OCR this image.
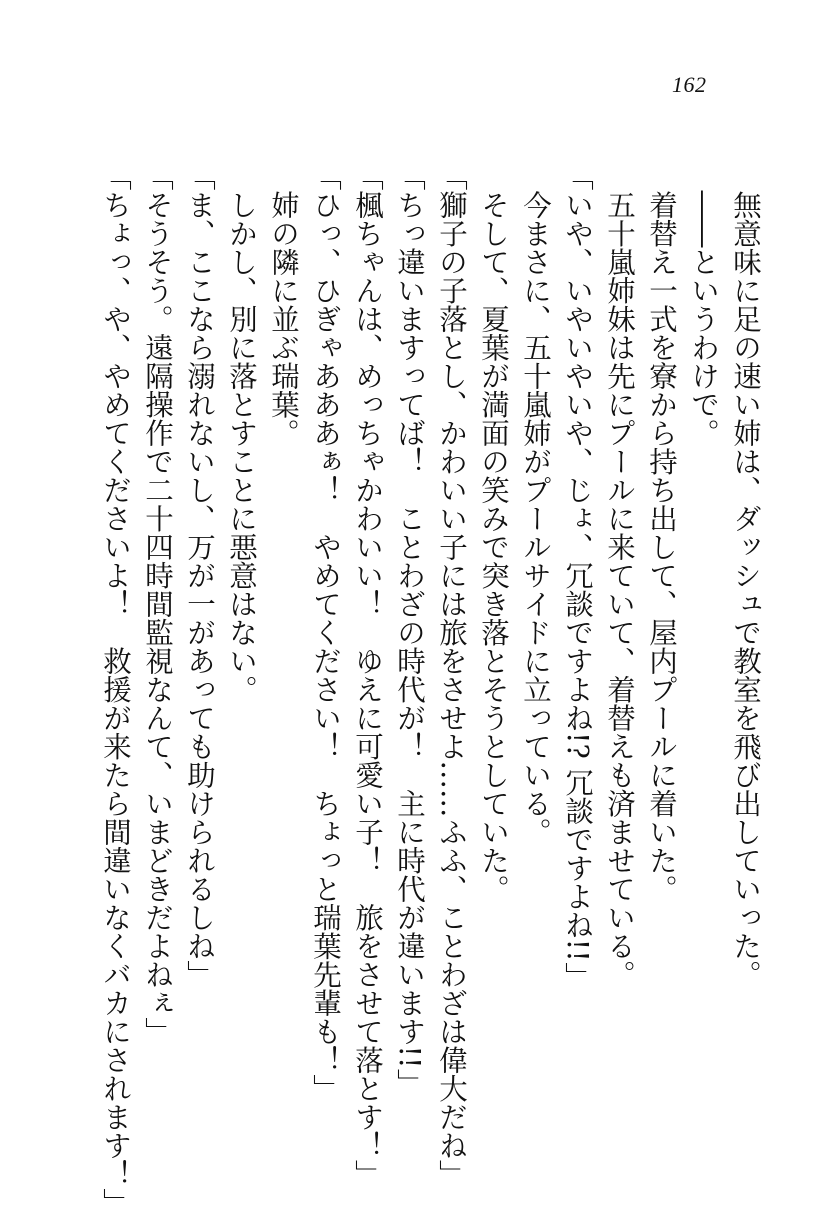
162
　無意味に足の速い姉は、ダッシュで教室を飛び出していった。
　――というわけで。
　着替え一式を寮から持ち出して、屋内プールに着いた。
　五十嵐姉妹は先にプールに来ていて、着替えも済ませている。
「いや、いやいやいや、じょ、冗談ですよね!? 冗談ですよね!!」
　今まさに、五十嵐姉がプールサイドに立っている。
　そして、夏葉が満面の笑みで突き落とそうとしていた。
「獅子の子落とし、かわいい子には旅をさせよ……ふふ、ことわざは偉大だね」
「ちっ違いますってば！　ことわざの時代が！　主に時代が違います!!」
「楓ちゃんは、めっちゃかわいい！　ゆえに可愛い子！　旅をさせて落とす！」
「ひっ、ひぎゃあああぁ！　やめてください！　ちょっと瑞葉先輩も！」
　姉の隣に並ぶ瑞葉。
　しかし、別に落とすことに悪意はない。
「ま、ここなら溺れないし、万が一があっても助けられるしね」
「そうそう。遠隔操作で二十四時間監視なんて、いまどきだよねぇ」
「ちょっ、や、やめてくださいよ！　救援が来たら間違いなくバカにされます！」
